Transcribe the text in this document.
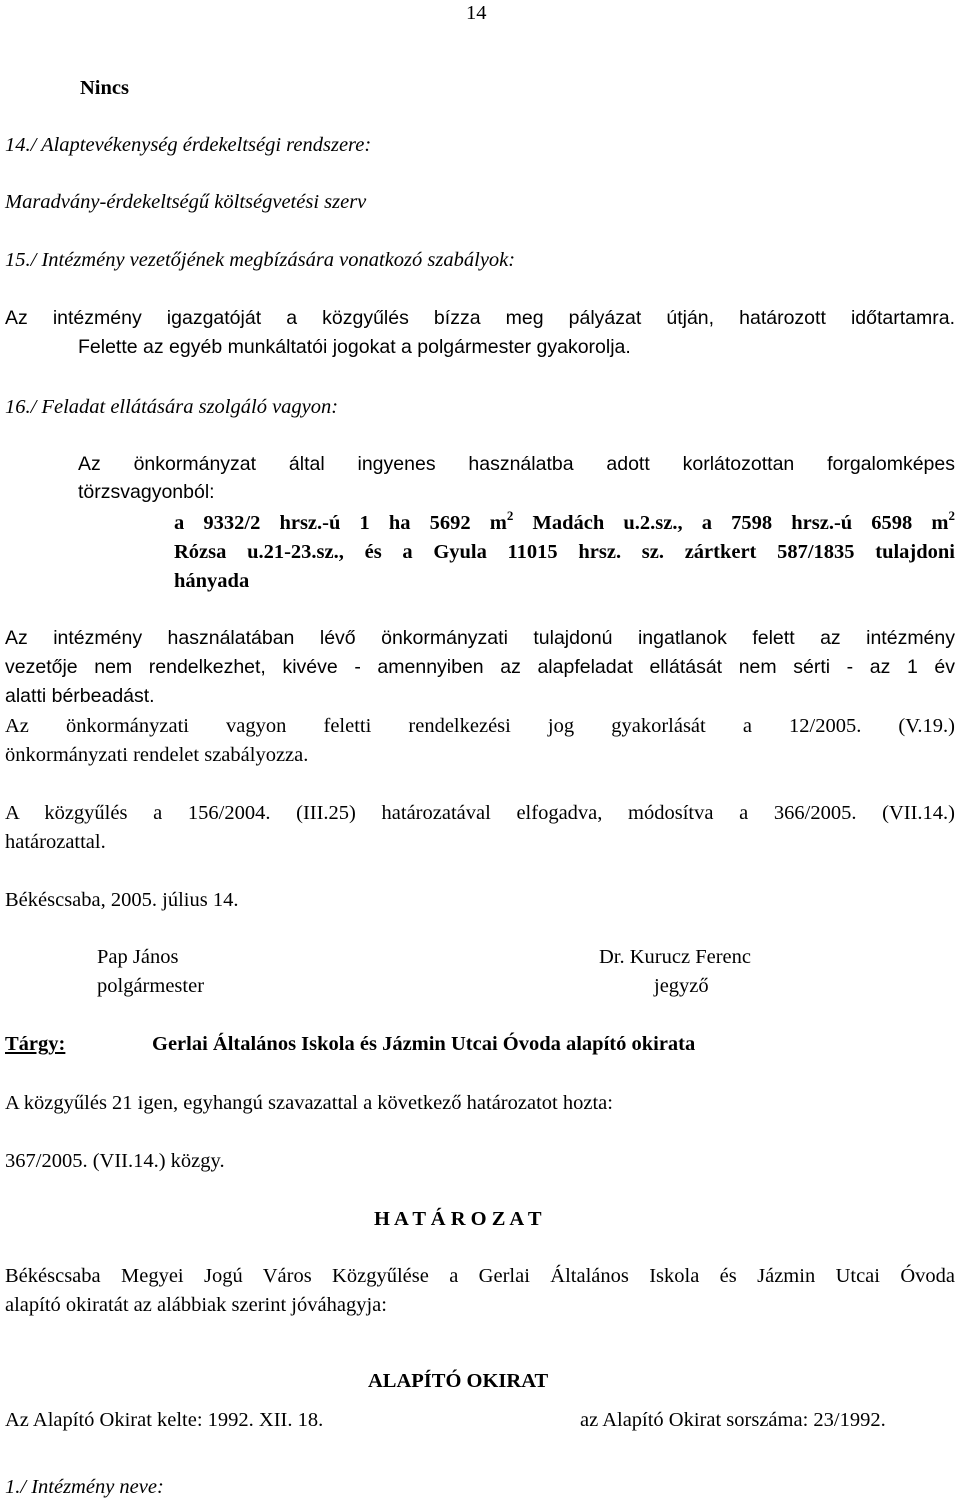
14
Nincs
14./ Alaptevékenység érdekeltségi rendszere:
Maradvány-érdekeltségű költségvetési szerv
15./ Intézmény vezetőjének megbízására vonatkozó szabályok:
Az intézmény igazgatóját a közgyűlés bízza meg pályázat útján, határozott időtartamra.
Felette az egyéb munkáltatói jogokat a polgármester gyakorolja.
16./ Feladat ellátására szolgáló vagyon:
Az önkormányzat által ingyenes használatba adott korlátozottan forgalomképes
törzsvagyonból:
a 9332/2 hrsz.-ú 1 ha 5692 $m^2$ Madách u.2.sz., a 7598 hrsz.-ú 6598 $m^2$
Rózsa u.21-23.sz., és a Gyula 11015 hrsz. sz. zártkert 587/1835 tulajdoni
hányada
Az intézmény használatában lévő önkormányzati tulajdonú ingatlanok felett az intézmény
vezetője nem rendelkezhet, kivéve - amennyiben az alapfeladat ellátását nem sérti - az 1 év
alatti bérbeadást.
Az önkormányzati vagyon feletti rendelkezési jog gyakorlását a 12/2005. (V.19.)
önkormányzati rendelet szabályozza.
A közgyűlés a 156/2004. (III.25) határozatával elfogadva, módosítva a 366/2005. (VII.14.)
határozattal.
Békéscsaba, 2005. július 14.
Pap János
polgármester
Dr. Kurucz Ferenc
jegyző
Tárgy:	Gerlai Általános Iskola és Jázmin Utcai Óvoda alapító okirata
A közgyűlés 21 igen, egyhangú szavazattal a következő határozatot hozta:
367/2005. (VII.14.) közgy.
H A T Á R O Z A T
Békéscsaba Megyei Jogú Város Közgyűlése a Gerlai Általános Iskola és Jázmin Utcai Óvoda
alapító okiratát az alábbiak szerint jóváhagyja:
ALAPÍTÓ OKIRAT
Az Alapító Okirat kelte: 1992. XII. 18.	az Alapító Okirat sorszáma: 23/1992.
1./ Intézmény neve:
